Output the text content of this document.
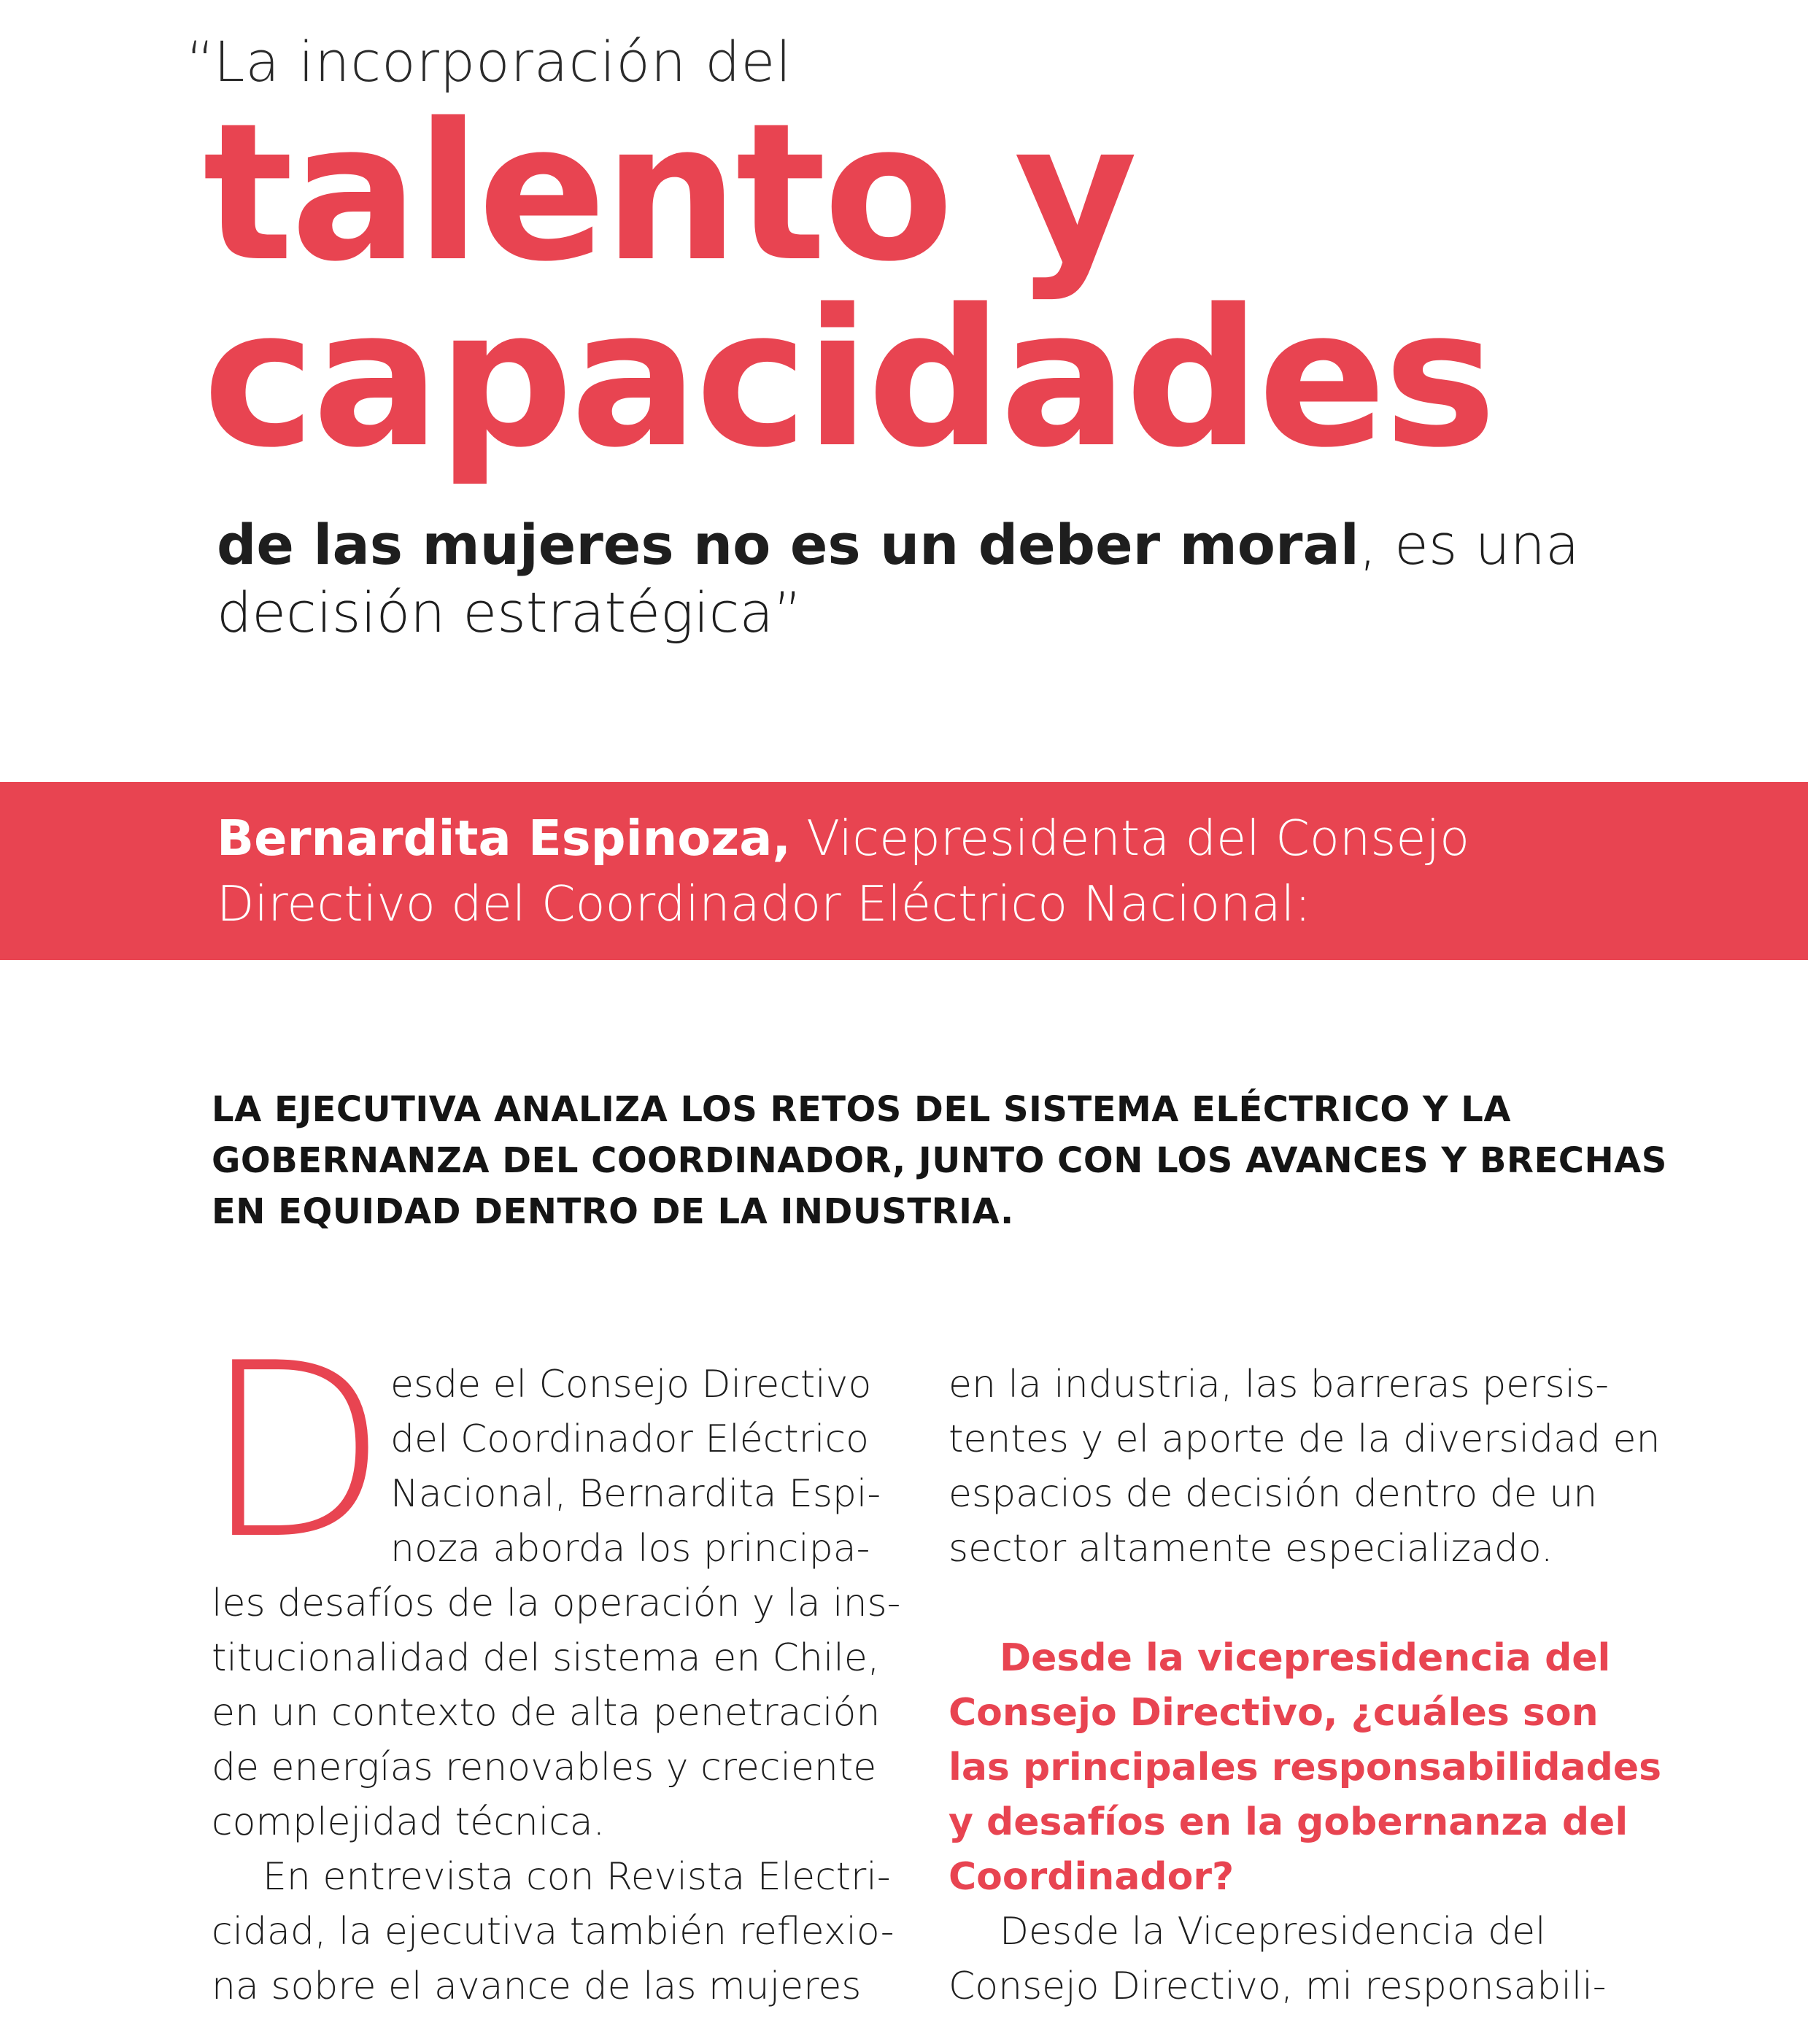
“La incorporación del
talento y
capacidades
de las mujeres no es un deber moral, es una
decisión estratégica”
Bernardita Espinoza, Vicepresidenta del Consejo
Directivo del Coordinador Eléctrico Nacional:
LA EJECUTIVA ANALIZA LOS RETOS DEL SISTEMA ELÉCTRICO Y LA
GOBERNANZA DEL COORDINADOR, JUNTO CON LOS AVANCES Y BRECHAS
EN EQUIDAD DENTRO DE LA INDUSTRIA.
D esde el Consejo Directivo
del Coordinador Eléctrico
Nacional, Bernardita Espi-
noza aborda los principa-
les desafíos de la operación y la ins-
titucionalidad del sistema en Chile,
en un contexto de alta penetración
de energías renovables y creciente
complejidad técnica.
En entrevista con Revista Electri-
cidad, la ejecutiva también reflexio-
na sobre el avance de las mujeres
en la industria, las barreras persis-
tentes y el aporte de la diversidad en
espacios de decisión dentro de un
sector altamente especializado.
Desde la vicepresidencia del
Consejo Directivo, ¿cuáles son
las principales responsabilidades
y desafíos en la gobernanza del
Coordinador?
Desde la Vicepresidencia del
Consejo Directivo, mi responsabili-
